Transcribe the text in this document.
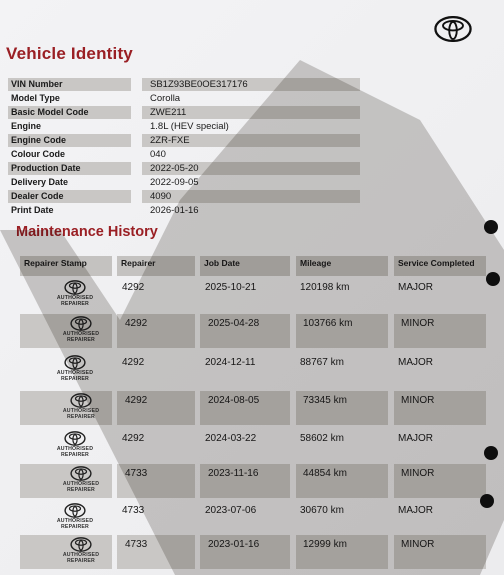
Vehicle Identity
VIN Number	SB1Z93BE0OE317176
Model Type	Corolla
Basic Model Code	ZWE211
Engine	1.8L (HEV special)
Engine Code	2ZR-FXE
Colour Code	040
Production Date	2022-05-20
Delivery Date	2022-09-05
Dealer Code	4090
Print Date	2026-01-16
Maintenance History
Repairer Stamp	Repairer	Job Date	Mileage	Service Completed
AUTHORISED
REPAIRER
4292	2025-10-21	120198 km	MAJOR
AUTHORISED
REPAIRER
4292	2025-04-28	103766 km	MINOR
AUTHORISED
REPAIRER
4292	2024-12-11	88767 km	MAJOR
AUTHORISED
REPAIRER
4292	2024-08-05	73345 km	MINOR
AUTHORISED
REPAIRER
4292	2024-03-22	58602 km	MAJOR
AUTHORISED
REPAIRER
4733	2023-11-16	44854 km	MINOR
AUTHORISED
REPAIRER
4733	2023-07-06	30670 km	MAJOR
AUTHORISED
REPAIRER
4733	2023-01-16	12999 km	MINOR
